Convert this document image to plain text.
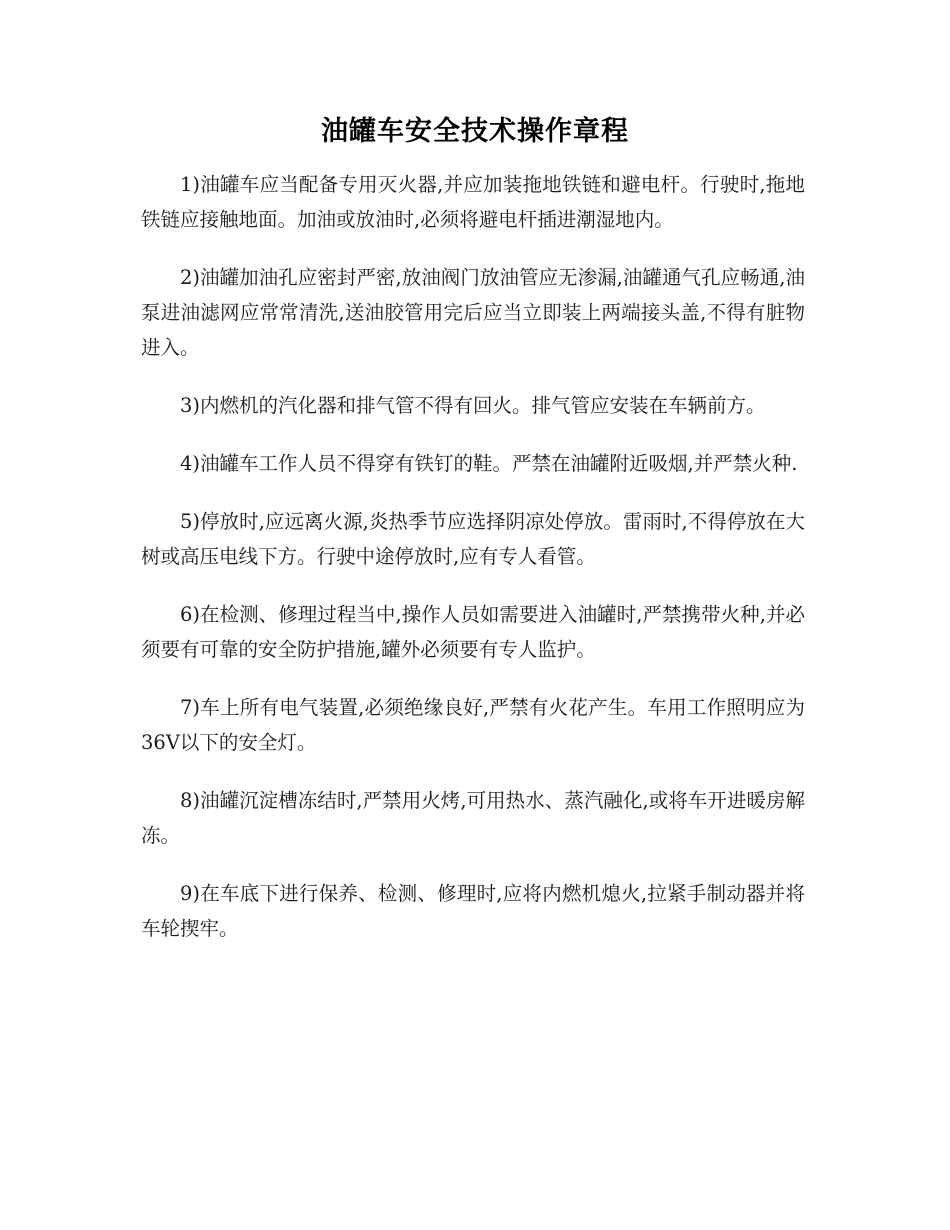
油罐车安全技术操作章程

1)油罐车应当配备专用灭火器,并应加装拖地铁链和避电杆。行驶时,拖地铁链应接触地面。加油或放油时,必须将避电杆插进潮湿地内。

2)油罐加油孔应密封严密,放油阀门放油管应无渗漏,油罐通气孔应畅通,油泵进油滤网应常常清洗,送油胶管用完后应当立即装上两端接头盖,不得有脏物进入。

3)内燃机的汽化器和排气管不得有回火。排气管应安装在车辆前方。

4)油罐车工作人员不得穿有铁钉的鞋。严禁在油罐附近吸烟,并严禁火种.

5)停放时,应远离火源,炎热季节应选择阴凉处停放。雷雨时,不得停放在大树或高压电线下方。行驶中途停放时,应有专人看管。

6)在检测、修理过程当中,操作人员如需要进入油罐时,严禁携带火种,并必须要有可靠的安全防护措施,罐外必须要有专人监护。

7)车上所有电气装置,必须绝缘良好,严禁有火花产生。车用工作照明应为36V以下的安全灯。

8)油罐沉淀槽冻结时,严禁用火烤,可用热水、蒸汽融化,或将车开进暖房解冻。

9)在车底下进行保养、检测、修理时,应将内燃机熄火,拉紧手制动器并将车轮揳牢。
